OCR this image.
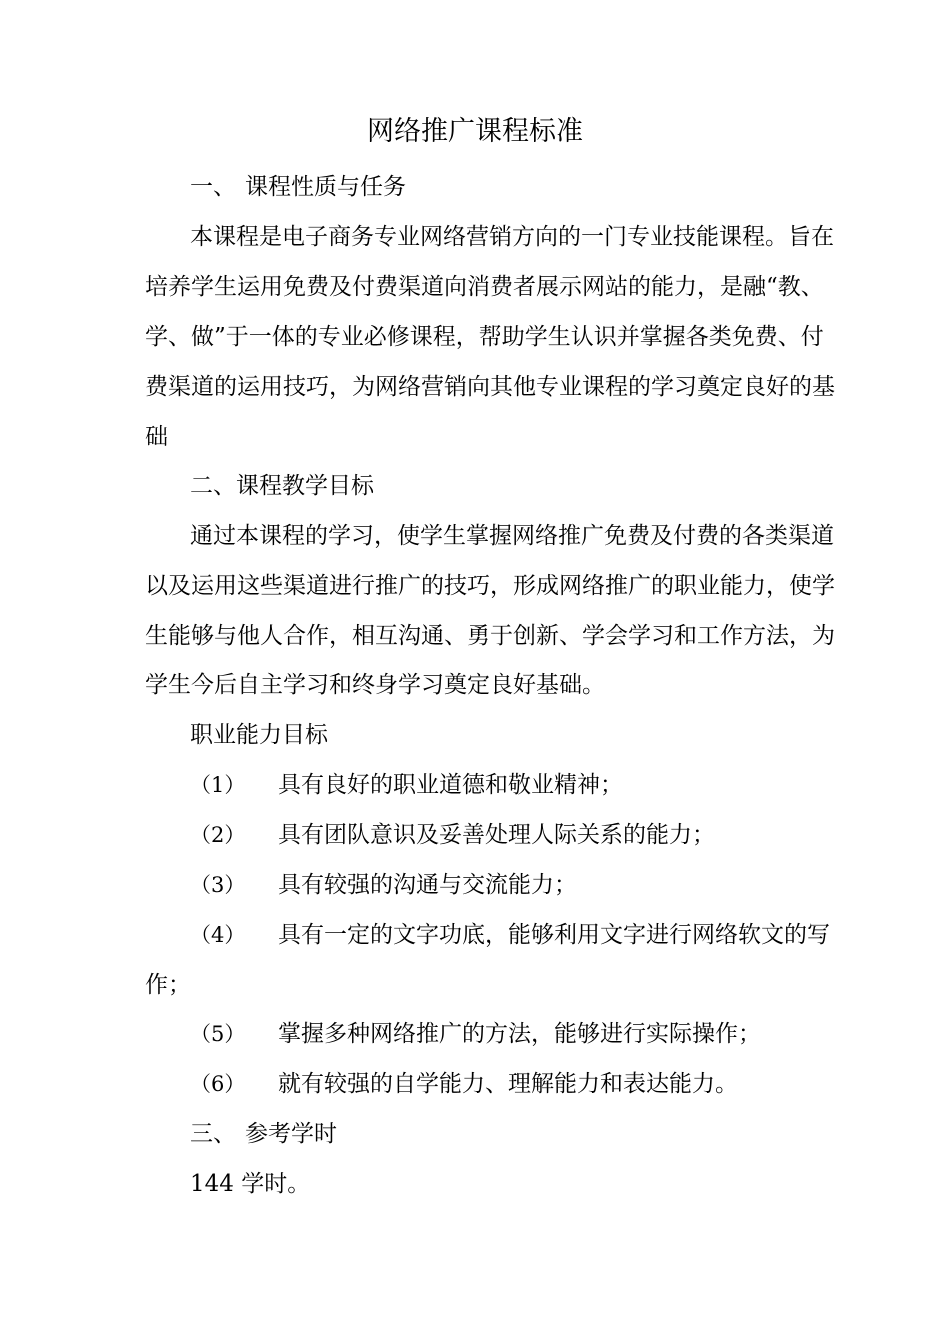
网络推广课程标准
一、 课程性质与任务
本课程是电子商务专业网络营销方向的一门专业技能课程。旨在
培养学生运用免费及付费渠道向消费者展示网站的能力，是融“教、
学、做”于一体的专业必修课程，帮助学生认识并掌握各类免费、付
费渠道的运用技巧，为网络营销向其他专业课程的学习奠定良好的基
础
二、课程教学目标
通过本课程的学习，使学生掌握网络推广免费及付费的各类渠道
以及运用这些渠道进行推广的技巧，形成网络推广的职业能力，使学
生能够与他人合作，相互沟通、勇于创新、学会学习和工作方法，为
学生今后自主学习和终身学习奠定良好基础。
职业能力目标
（1） 具有良好的职业道德和敬业精神；
（2） 具有团队意识及妥善处理人际关系的能力；
（3） 具有较强的沟通与交流能力；
（4） 具有一定的文字功底，能够利用文字进行网络软文的写
作；
（5） 掌握多种网络推广的方法，能够进行实际操作；
（6） 就有较强的自学能力、理解能力和表达能力。
三、 参考学时
144 学时。
